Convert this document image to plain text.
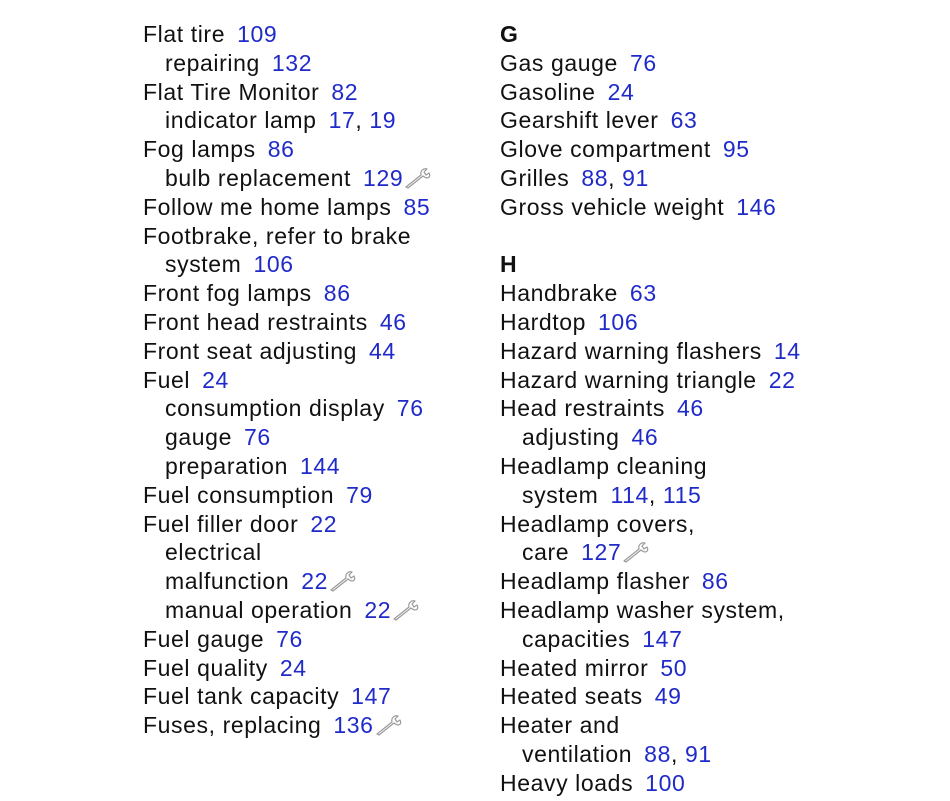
Flat tire 109
repairing 132
Flat Tire Monitor 82
indicator lamp 17, 19
Fog lamps 86
bulb replacement 129
Follow me home lamps 85
Footbrake, refer to brake
system 106
Front fog lamps 86
Front head restraints 46
Front seat adjusting 44
Fuel 24
consumption display 76
gauge 76
preparation 144
Fuel consumption 79
Fuel filler door 22
electrical
malfunction 22
manual operation 22
Fuel gauge 76
Fuel quality 24
Fuel tank capacity 147
Fuses, replacing 136
G
Gas gauge 76
Gasoline 24
Gearshift lever 63
Glove compartment 95
Grilles 88, 91
Gross vehicle weight 146
H
Handbrake 63
Hardtop 106
Hazard warning flashers 14
Hazard warning triangle 22
Head restraints 46
adjusting 46
Headlamp cleaning
system 114, 115
Headlamp covers,
care 127
Headlamp flasher 86
Headlamp washer system,
capacities 147
Heated mirror 50
Heated seats 49
Heater and
ventilation 88, 91
Heavy loads 100
